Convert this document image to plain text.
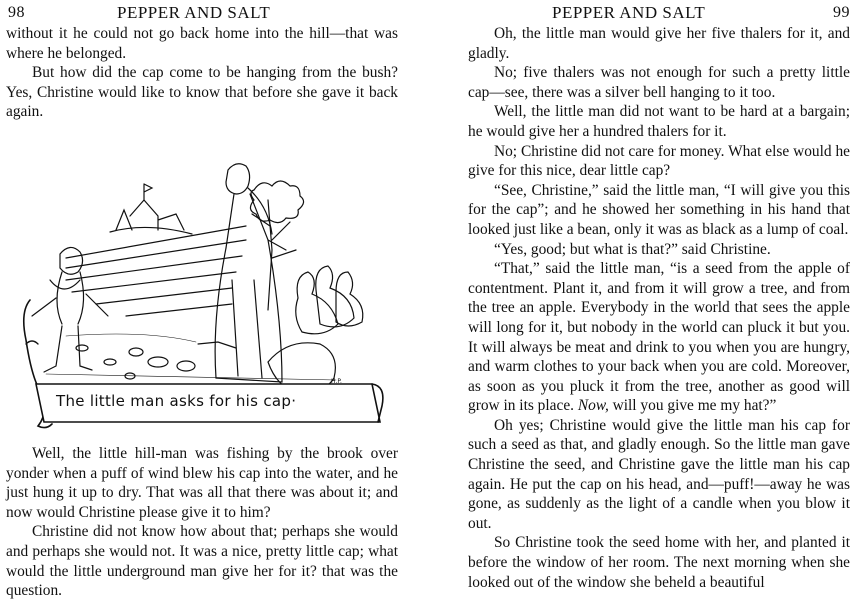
98	PEPPER AND SALT

without it he could not go back home into the hill—that was where he belonged.

But how did the cap come to be hanging from the bush? Yes, Christine would like to know that before she gave it back again.

The little man asks for his cap·
H.P.

Well, the little hill-man was fishing by the brook over yonder when a puff of wind blew his cap into the water, and he just hung it up to dry. That was all that there was about it; and now would Christine please give it to him?

Christine did not know how about that; perhaps she would and perhaps she would not. It was a nice, pretty little cap; what would the little underground man give her for it? that was the question.

PEPPER AND SALT	99

Oh, the little man would give her five thalers for it, and gladly.

No; five thalers was not enough for such a pretty little cap—see, there was a silver bell hanging to it too.

Well, the little man did not want to be hard at a bargain; he would give her a hundred thalers for it.

No; Christine did not care for money. What else would he give for this nice, dear little cap?

“See, Christine,” said the little man, “I will give you this for the cap”; and he showed her something in his hand that looked just like a bean, only it was as black as a lump of coal.

“Yes, good; but what is that?” said Christine.

“That,” said the little man, “is a seed from the apple of contentment. Plant it, and from it will grow a tree, and from the tree an apple. Everybody in the world that sees the apple will long for it, but nobody in the world can pluck it but you. It will always be meat and drink to you when you are hungry, and warm clothes to your back when you are cold. Moreover, as soon as you pluck it from the tree, another as good will grow in its place. Now, will you give me my hat?”

Oh yes; Christine would give the little man his cap for such a seed as that, and gladly enough. So the little man gave Christine the seed, and Christine gave the little man his cap again. He put the cap on his head, and—puff!—away he was gone, as suddenly as the light of a candle when you blow it out.

So Christine took the seed home with her, and planted it before the window of her room. The next morning when she looked out of the window she beheld a beautiful
